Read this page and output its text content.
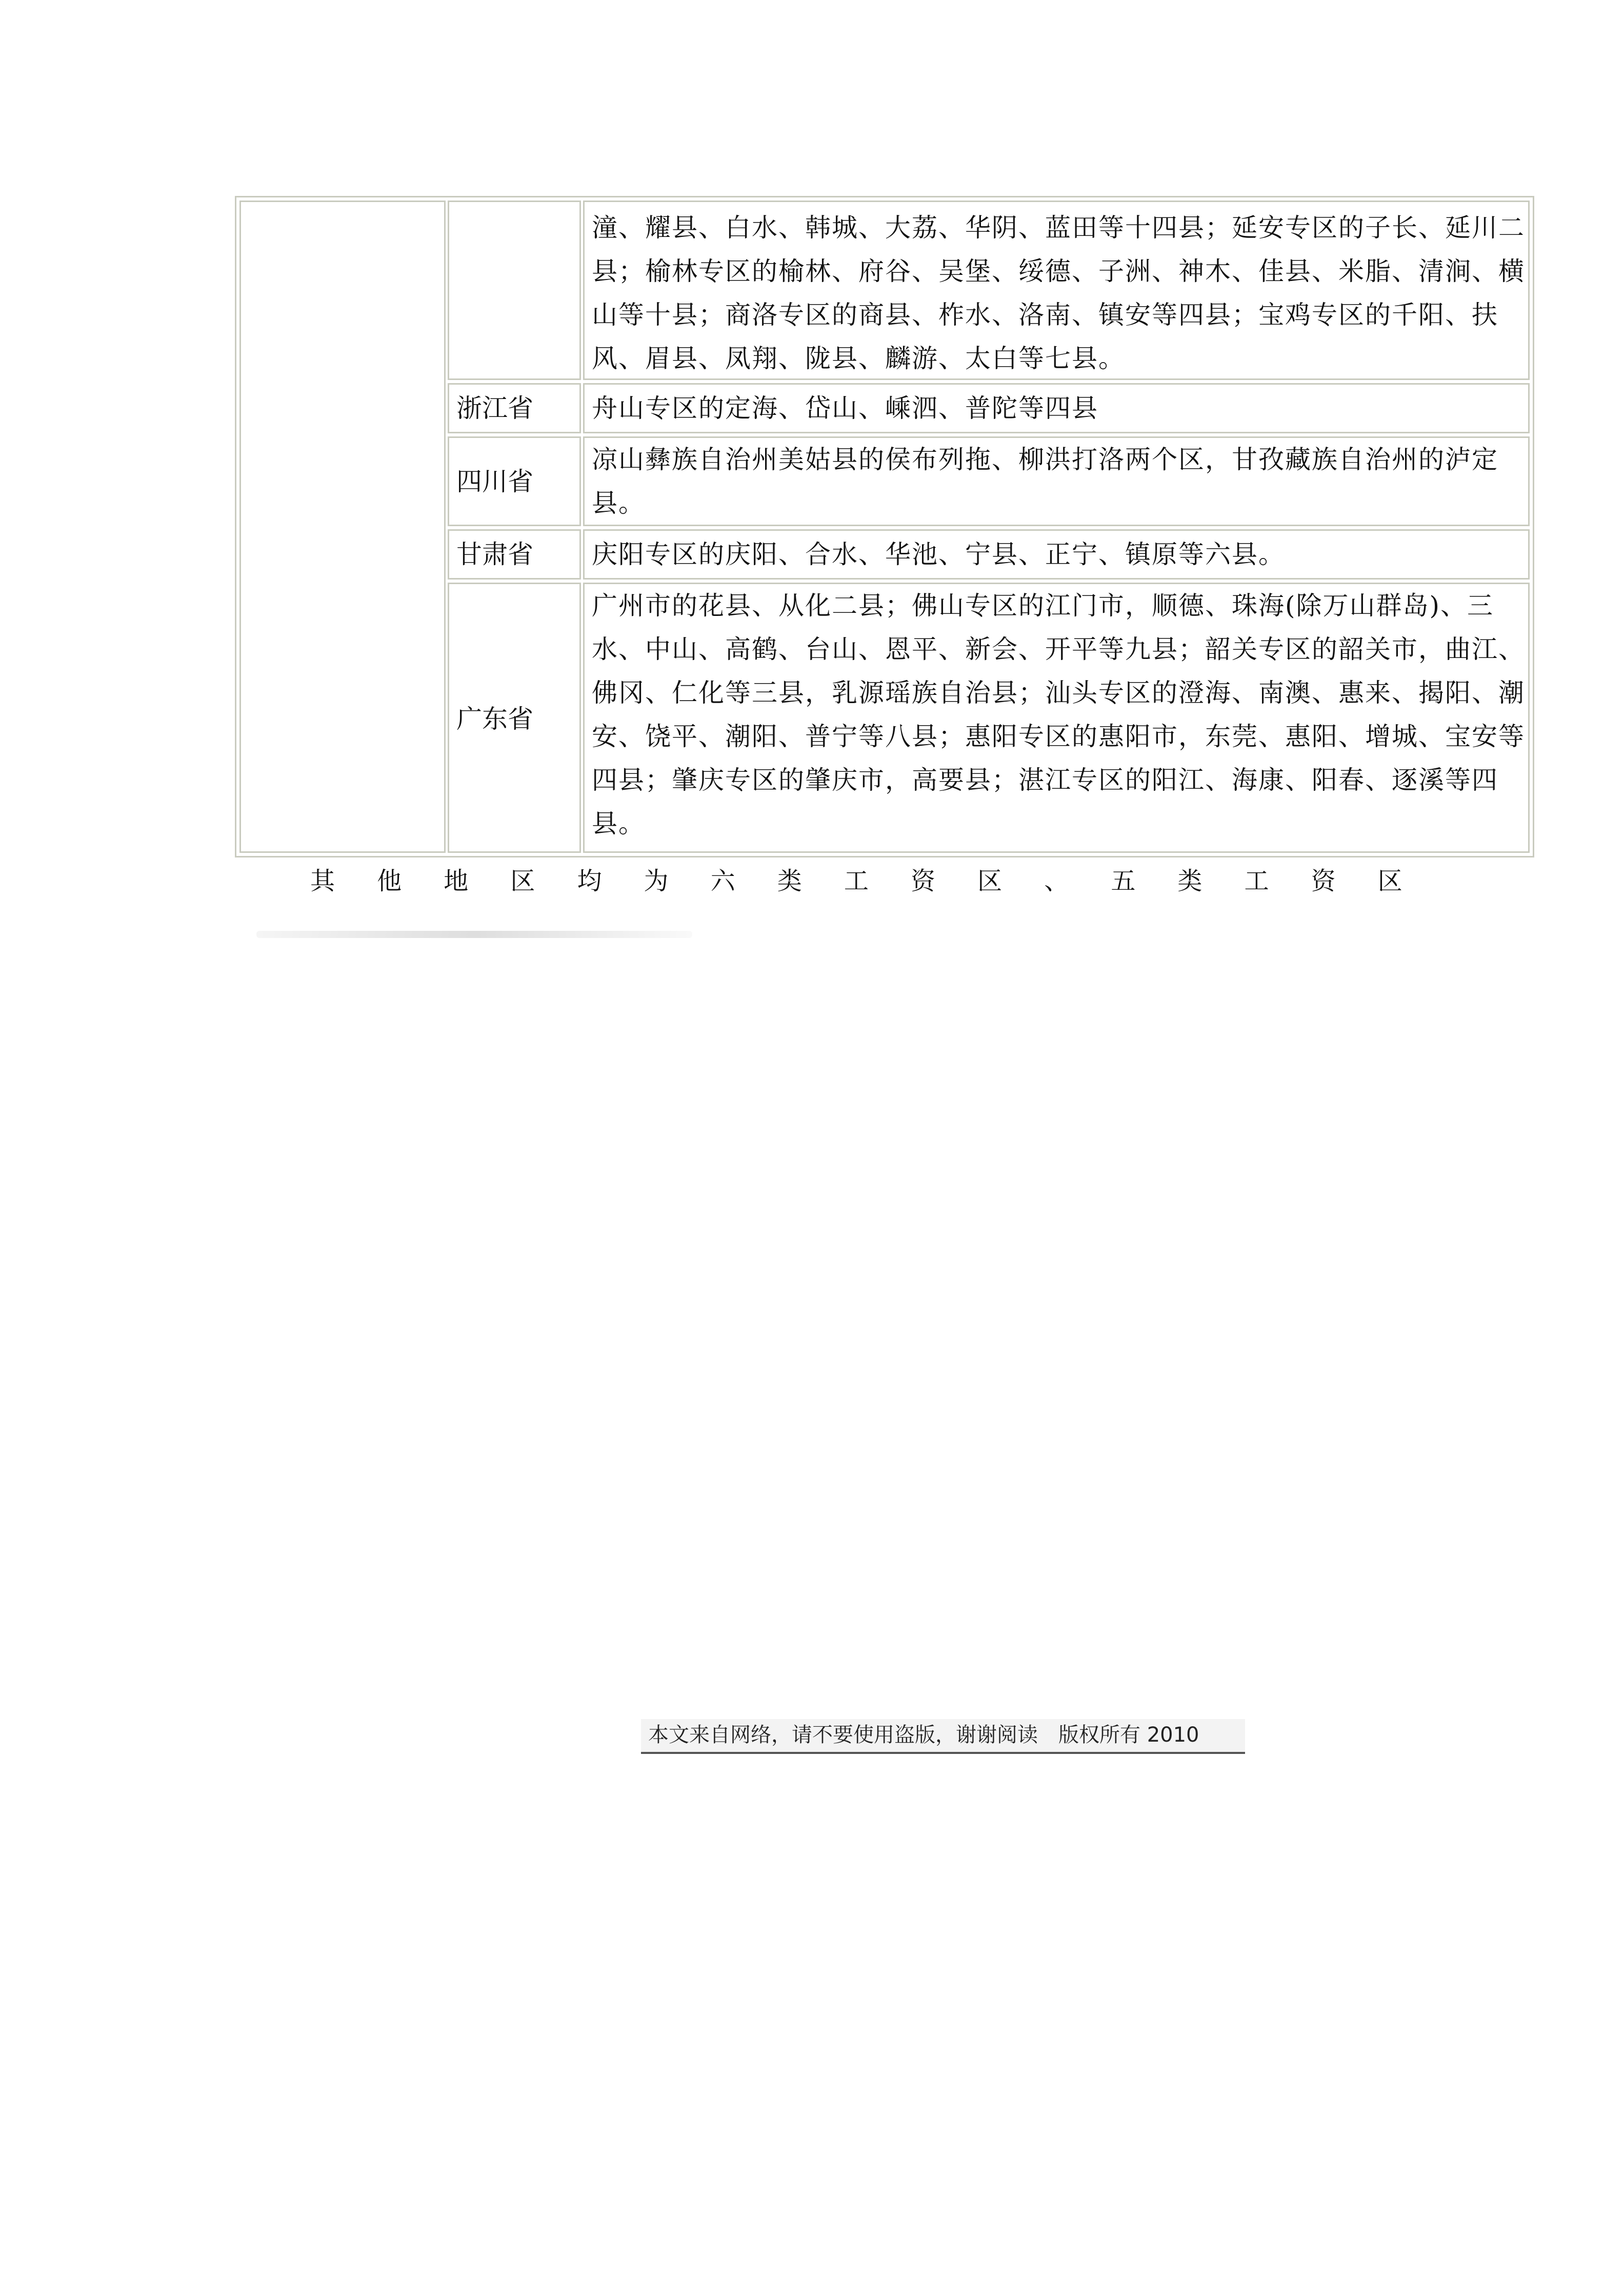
潼、耀县、白水、韩城、大荔、华阴、蓝田等十四县；延安专区的子长、延川二县；榆林专区的榆林、府谷、吴堡、绥德、子洲、神木、佳县、米脂、清涧、横山等十县；商洛专区的商县、柞水、洛南、镇安等四县；宝鸡专区的千阳、扶风、眉县、凤翔、陇县、麟游、太白等七县。
浙江省 舟山专区的定海、岱山、嵊泗、普陀等四县
四川省
凉山彝族自治州美姑县的侯布列拖、柳洪打洛两个区，甘孜藏族自治州的泸定县。
甘肃省 庆阳专区的庆阳、合水、华池、宁县、正宁、镇原等六县。
广东省
广州市的花县、从化二县；佛山专区的江门市，顺德、珠海(除万山群岛)、三水、中山、高鹤、台山、恩平、新会、开平等九县；韶关专区的韶关市，曲江、佛冈、仁化等三县，乳源瑶族自治县；汕头专区的澄海、南澳、惠来、揭阳、潮安、饶平、潮阳、普宁等八县；惠阳专区的惠阳市，东莞、惠阳、增城、宝安等四县；肇庆专区的肇庆市，高要县；湛江专区的阳江、海康、阳春、逐溪等四县。
其 他 地 区 均 为 六 类 工 资 区 、 五 类 工 资 区
本文来自网络，请不要使用盗版，谢谢阅读　版权所有 2010
